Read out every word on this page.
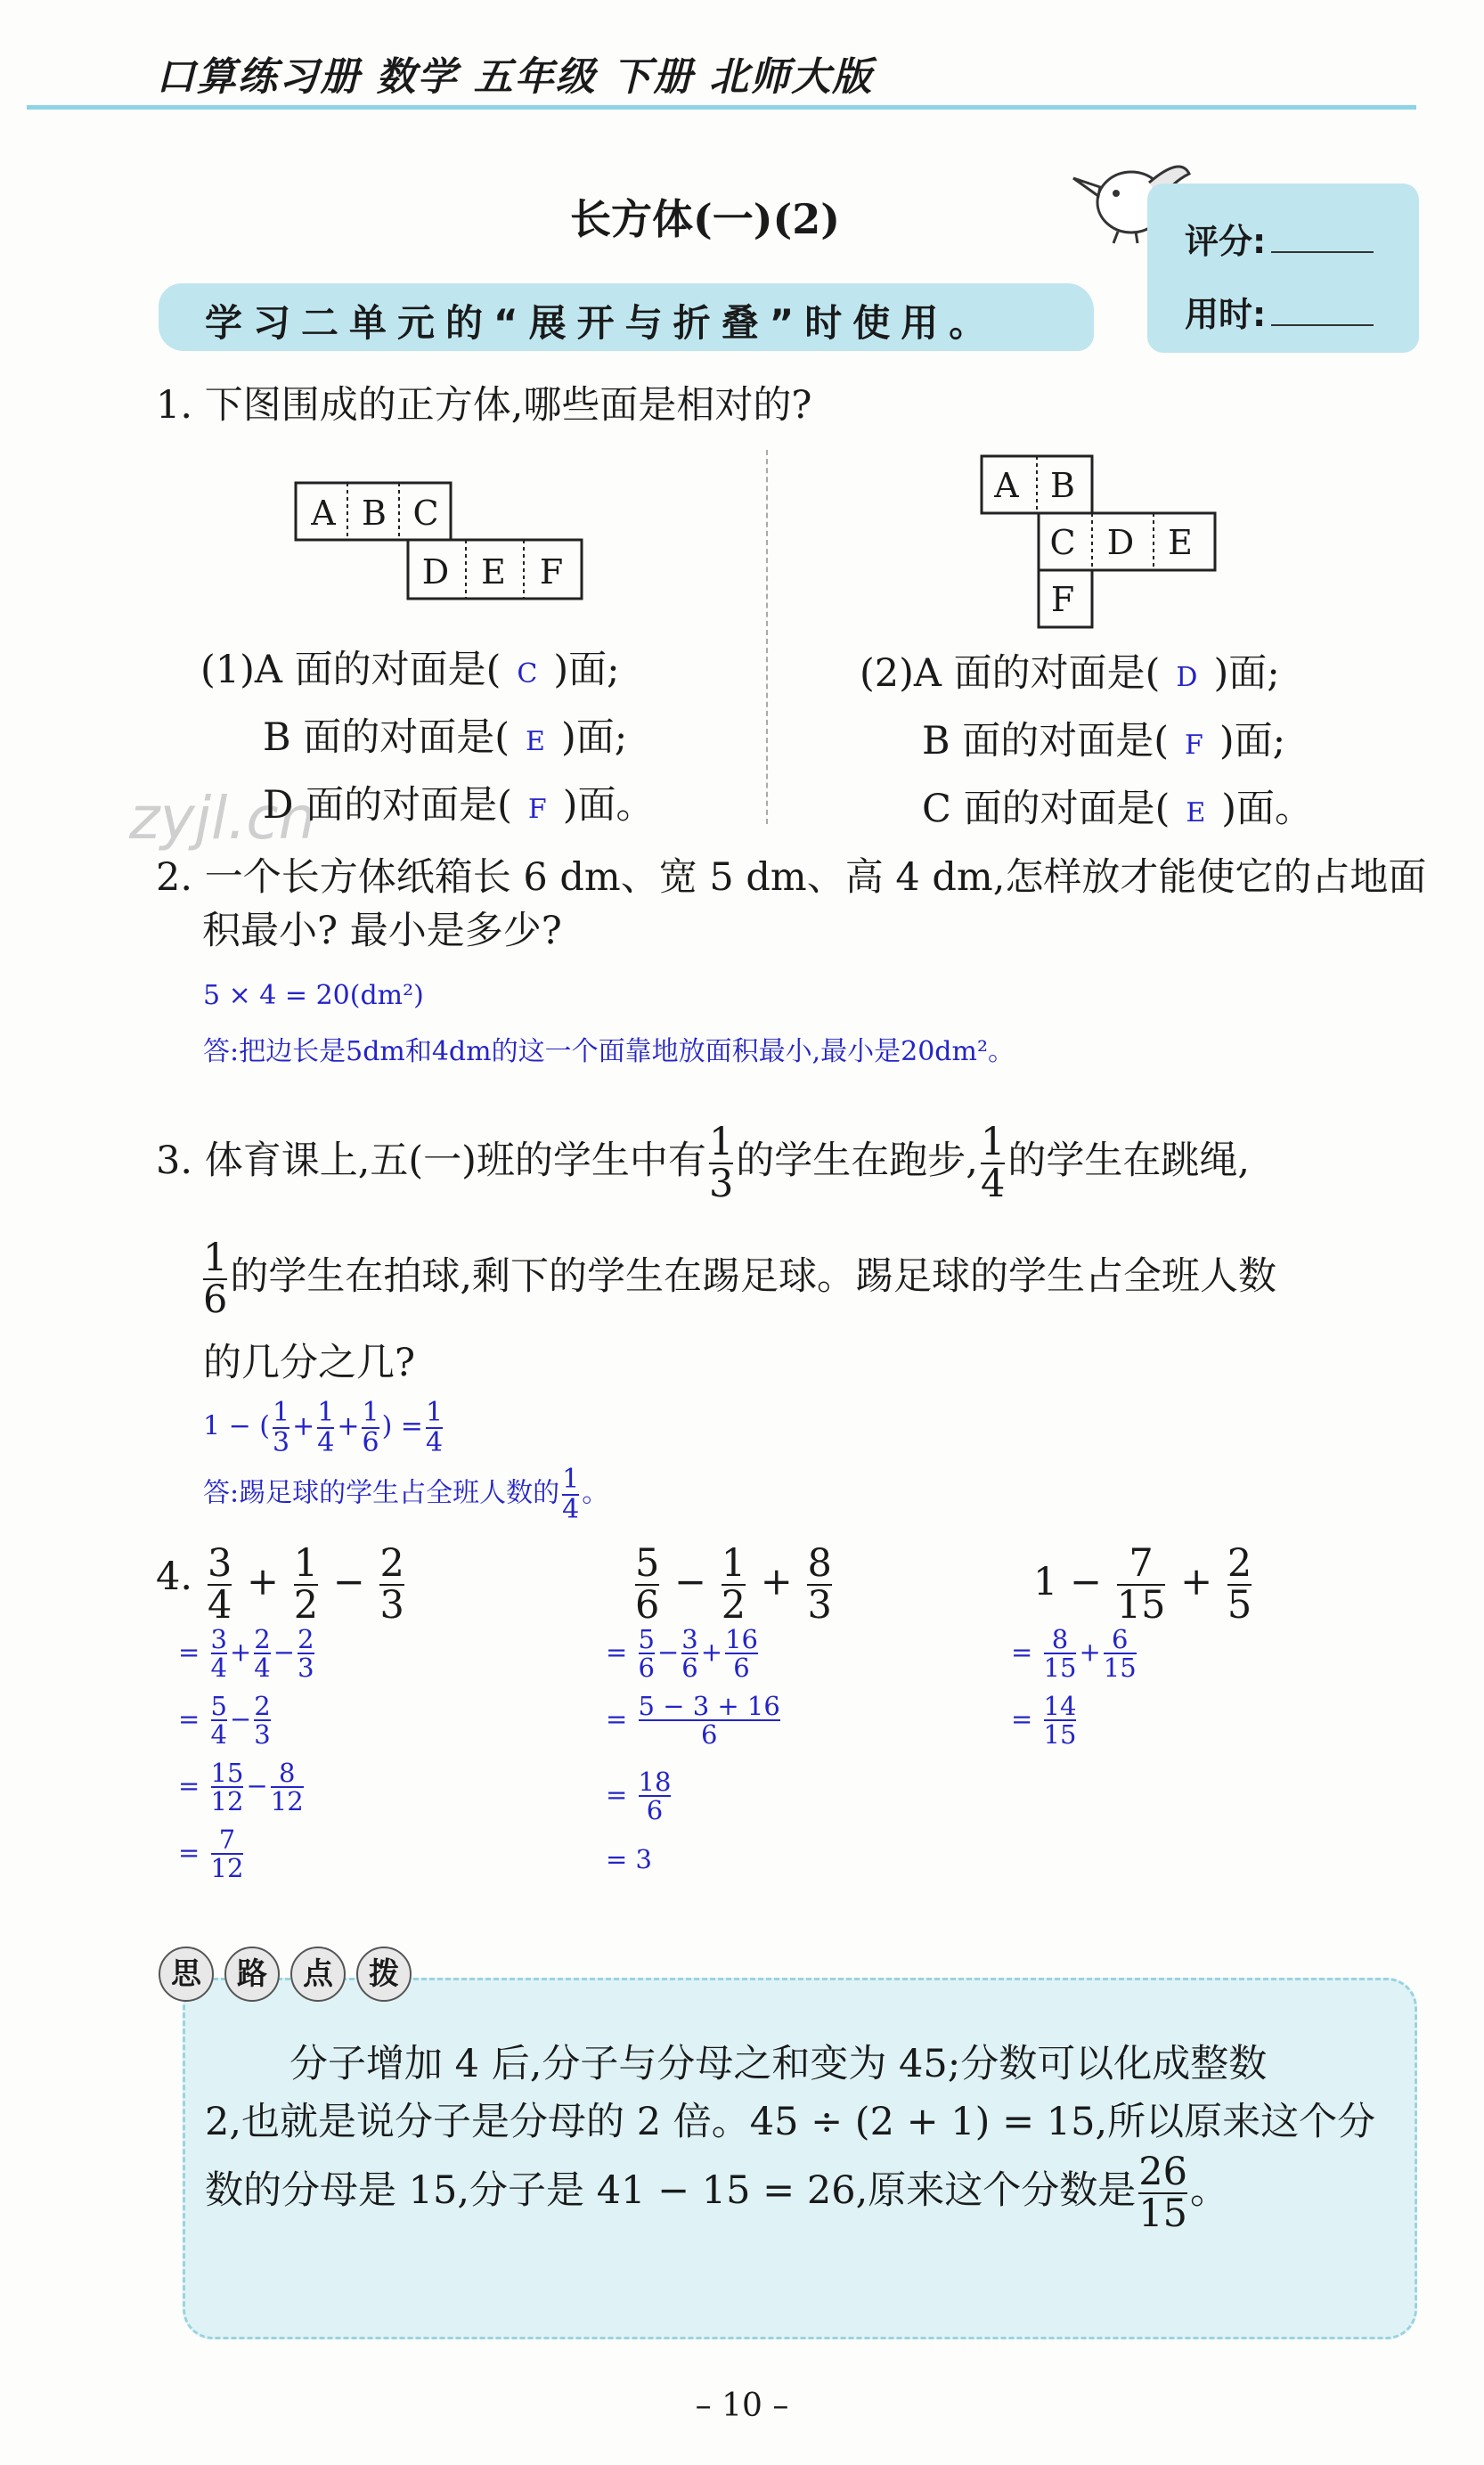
口算练习册 数学 五年级 下册 北师大版
长方体(一)(2)
学习二单元的“展开与折叠”时使用。
评分:
用时:
zyjl.cn
1. 下图围成的正方体,哪些面是相对的?
A B C
D E F
A B
C D E
F
(1)A 面的对面是( C )面;
B 面的对面是( E )面;
D 面的对面是( F )面。
(2)A 面的对面是( D )面;
B 面的对面是( F )面;
C 面的对面是( E )面。
2. 一个长方体纸箱长 6 dm、宽 5 dm、高 4 dm,怎样放才能使它的占地面
积最小? 最小是多少?
5 × 4 = 20(dm²)
答:把边长是5dm和4dm的这一个面靠地放面积最小,最小是20dm²。
3. 体育课上,五(一)班的学生中有 $\frac{1}{3}$ 的学生在跑步, $\frac{1}{4}$ 的学生在跳绳,
$\frac{1}{6}$ 的学生在拍球,剩下的学生在踢足球。踢足球的学生占全班人数
的几分之几?
1 − ( $\frac{1}{3} + \frac{1}{4} + \frac{1}{6}$ ) = $\frac{1}{4}$
答:踢足球的学生占全班人数的 $\frac{1}{4}$ 。
4. $\frac{3}{4} + \frac{1}{2} - \frac{2}{3}$	$\frac{5}{6} - \frac{1}{2} + \frac{8}{3}$	$1 - \frac{7}{15} + \frac{2}{5}$
= $\frac{3}{4} + \frac{2}{4} - \frac{2}{3}$
= $\frac{5}{4} - \frac{2}{3}$
= $\frac{15}{12} - \frac{8}{12}$
= $\frac{7}{12}$
= $\frac{5}{6} - \frac{3}{6} + \frac{16}{6}$
= $\frac{5 - 3 + 16}{6}$
= $\frac{18}{6}$
= 3
= $\frac{8}{15} + \frac{6}{15}$
= $\frac{14}{15}$
思	路	点	拨
分子增加 4 后,分子与分母之和变为 45;分数可以化成整数
2,也就是说分子是分母的 2 倍。45 ÷ (2 + 1) = 15,所以原来这个分
数的分母是 15,分子是 41 − 15 = 26,原来这个分数是 $\frac{26}{15}$ 。
– 10 –
